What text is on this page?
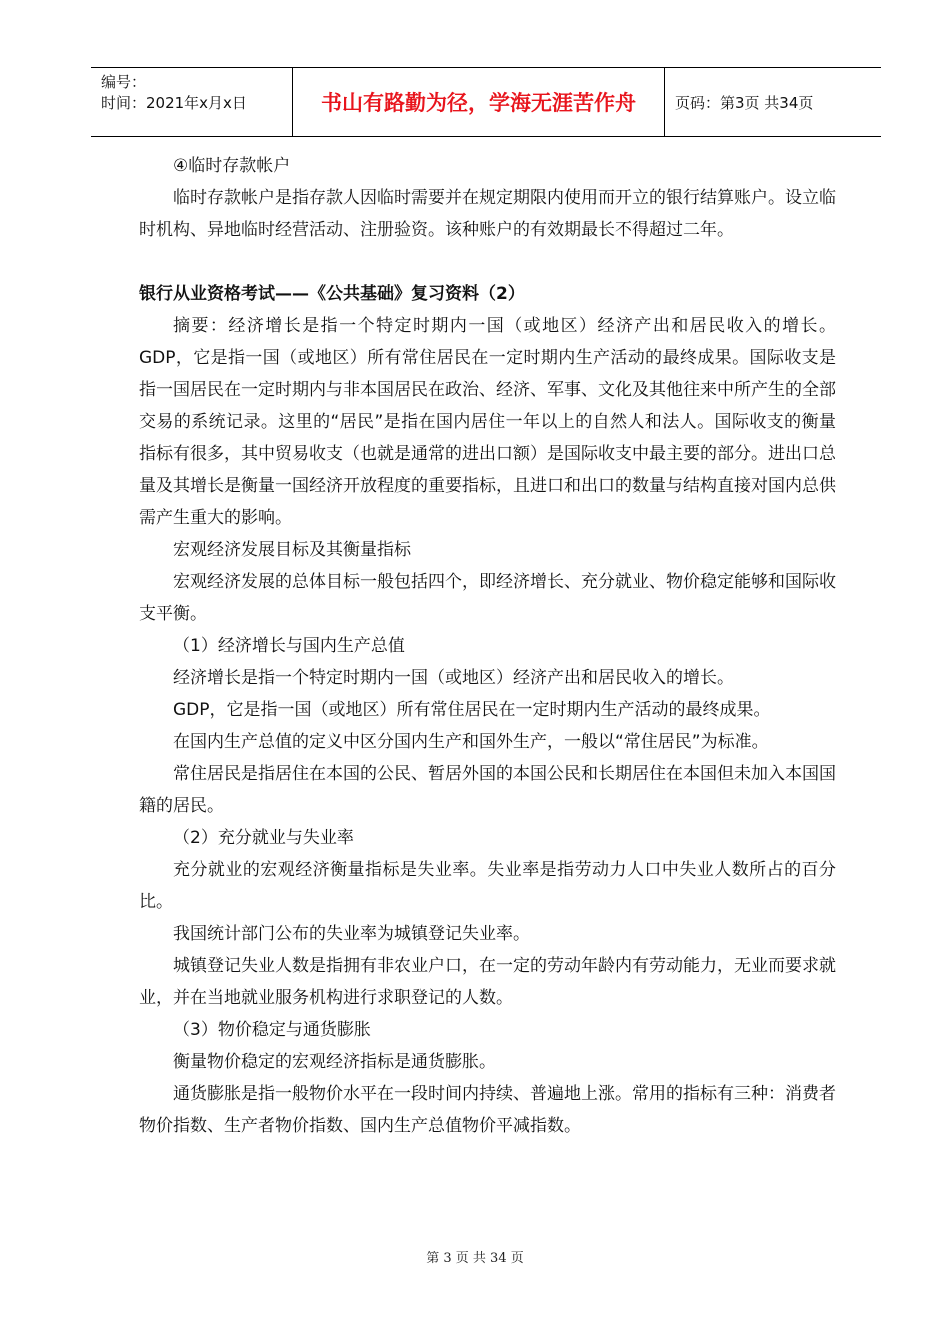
编号：
时间：2021年x月x日	书山有路勤为径，学海无涯苦作舟	页码：第3页 共34页

④临时存款帐户

临时存款帐户是指存款人因临时需要并在规定期限内使用而开立的银行结算账户。设立临时机构、异地临时经营活动、注册验资。该种账户的有效期最长不得超过二年。

银行从业资格考试——《公共基础》复习资料（2）

摘要：经济增长是指一个特定时期内一国（或地区）经济产出和居民收入的增长。GDP，它是指一国（或地区）所有常住居民在一定时期内生产活动的最终成果。国际收支是指一国居民在一定时期内与非本国居民在政治、经济、军事、文化及其他往来中所产生的全部交易的系统记录。这里的“居民”是指在国内居住一年以上的自然人和法人。国际收支的衡量指标有很多，其中贸易收支（也就是通常的进出口额）是国际收支中最主要的部分。进出口总量及其增长是衡量一国经济开放程度的重要指标，且进口和出口的数量与结构直接对国内总供需产生重大的影响。

宏观经济发展目标及其衡量指标

宏观经济发展的总体目标一般包括四个，即经济增长、充分就业、物价稳定能够和国际收支平衡。

（1）经济增长与国内生产总值

经济增长是指一个特定时期内一国（或地区）经济产出和居民收入的增长。

GDP，它是指一国（或地区）所有常住居民在一定时期内生产活动的最终成果。

在国内生产总值的定义中区分国内生产和国外生产，一般以“常住居民”为标准。

常住居民是指居住在本国的公民、暂居外国的本国公民和长期居住在本国但未加入本国国籍的居民。

（2）充分就业与失业率

充分就业的宏观经济衡量指标是失业率。失业率是指劳动力人口中失业人数所占的百分比。

我国统计部门公布的失业率为城镇登记失业率。

城镇登记失业人数是指拥有非农业户口，在一定的劳动年龄内有劳动能力，无业而要求就业，并在当地就业服务机构进行求职登记的人数。

（3）物价稳定与通货膨胀

衡量物价稳定的宏观经济指标是通货膨胀。

通货膨胀是指一般物价水平在一段时间内持续、普遍地上涨。常用的指标有三种：消费者物价指数、生产者物价指数、国内生产总值物价平减指数。

第 3 页 共 34 页
